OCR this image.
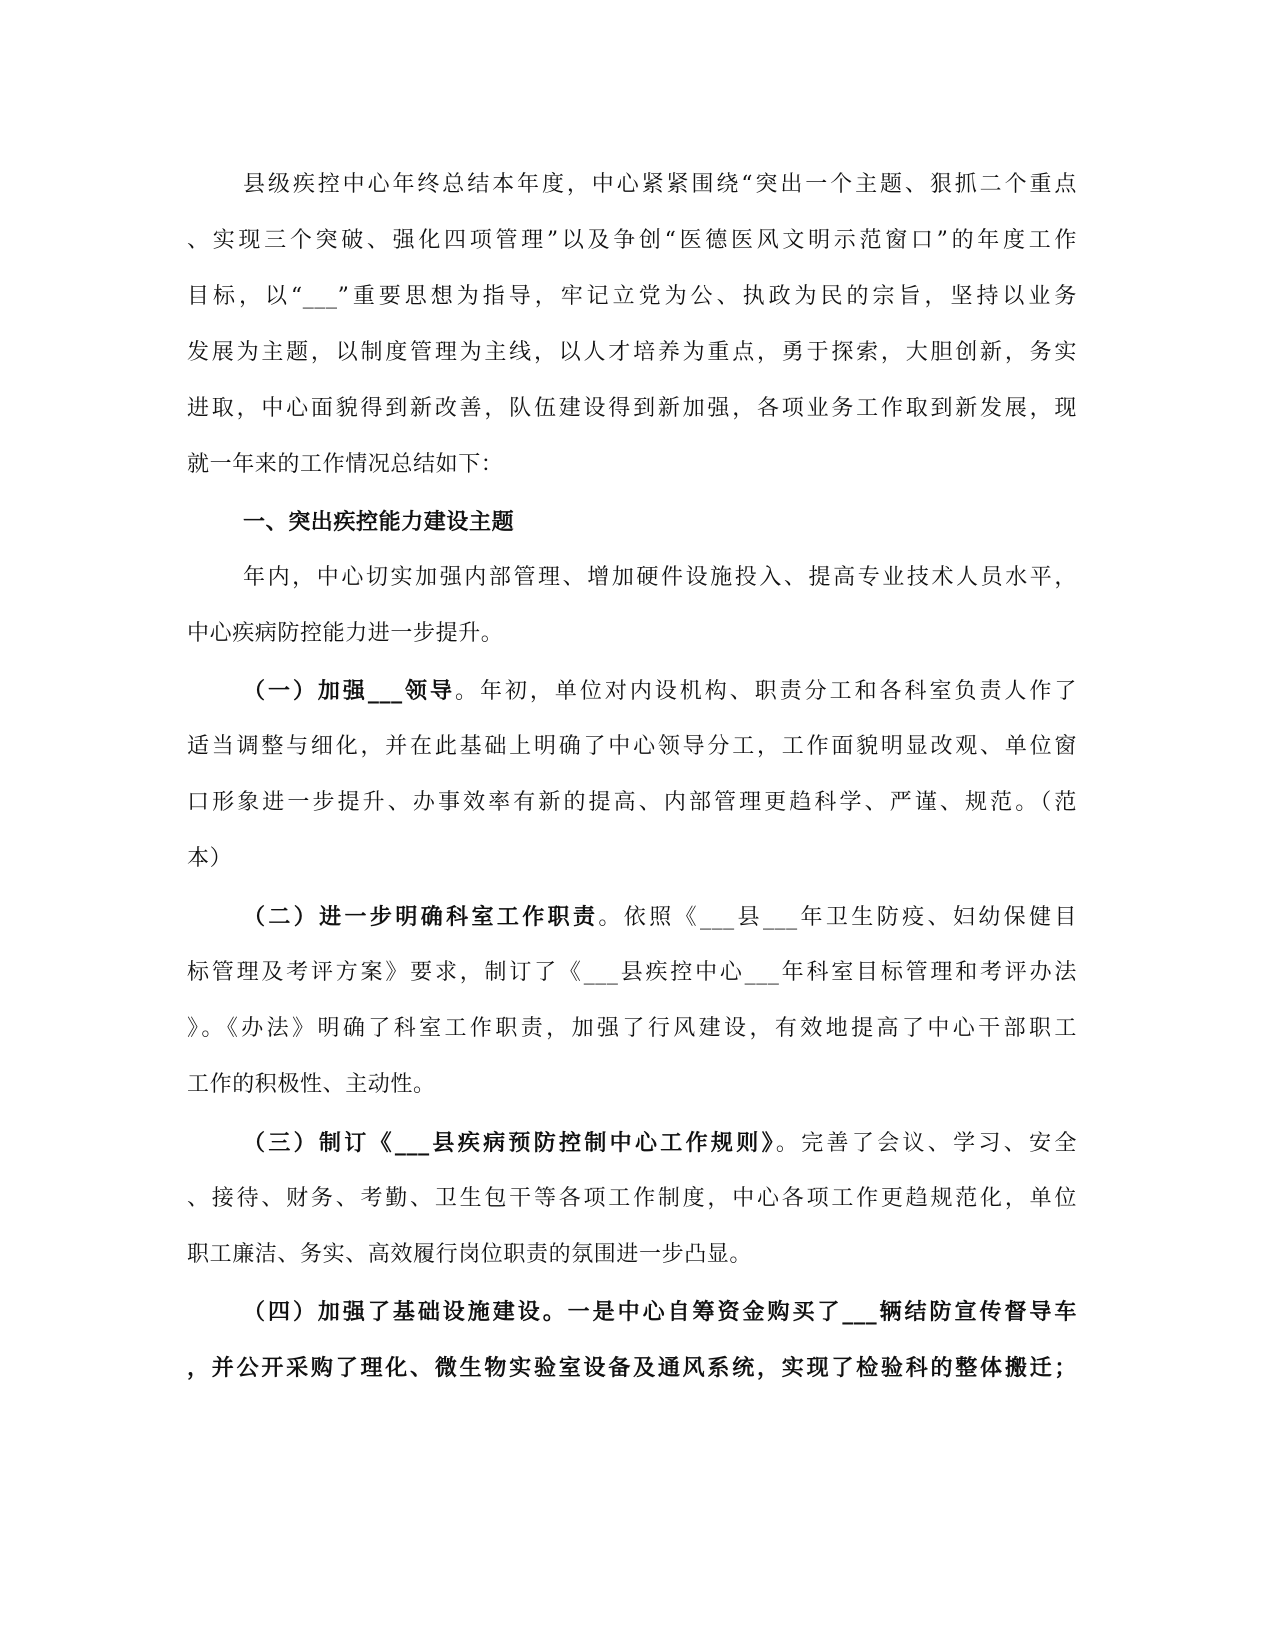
县级疾控中心年终总结本年度，中心紧紧围绕“突出一个主题、狠抓二个重点
、实现三个突破、强化四项管理”以及争创“医德医风文明示范窗口”的年度工作
目标，以“___”重要思想为指导，牢记立党为公、执政为民的宗旨，坚持以业务
发展为主题，以制度管理为主线，以人才培养为重点，勇于探索，大胆创新，务实
进取，中心面貌得到新改善，队伍建设得到新加强，各项业务工作取到新发展，现
就一年来的工作情况总结如下：
一、突出疾控能力建设主题
年内，中心切实加强内部管理、增加硬件设施投入、提高专业技术人员水平，
中心疾病防控能力进一步提升。
（一）加强___领导。年初，单位对内设机构、职责分工和各科室负责人作了
适当调整与细化，并在此基础上明确了中心领导分工，工作面貌明显改观、单位窗
口形象进一步提升、办事效率有新的提高、内部管理更趋科学、严谨、规范。（范
本）
（二）进一步明确科室工作职责。依照《___县___年卫生防疫、妇幼保健目
标管理及考评方案》要求，制订了《___县疾控中心___年科室目标管理和考评办法
》。《办法》明确了科室工作职责，加强了行风建设，有效地提高了中心干部职工
工作的积极性、主动性。
（三）制订《___县疾病预防控制中心工作规则》。完善了会议、学习、安全
、接待、财务、考勤、卫生包干等各项工作制度，中心各项工作更趋规范化，单位
职工廉洁、务实、高效履行岗位职责的氛围进一步凸显。
（四）加强了基础设施建设。一是中心自筹资金购买了___辆结防宣传督导车
，并公开采购了理化、微生物实验室设备及通风系统，实现了检验科的整体搬迁；
